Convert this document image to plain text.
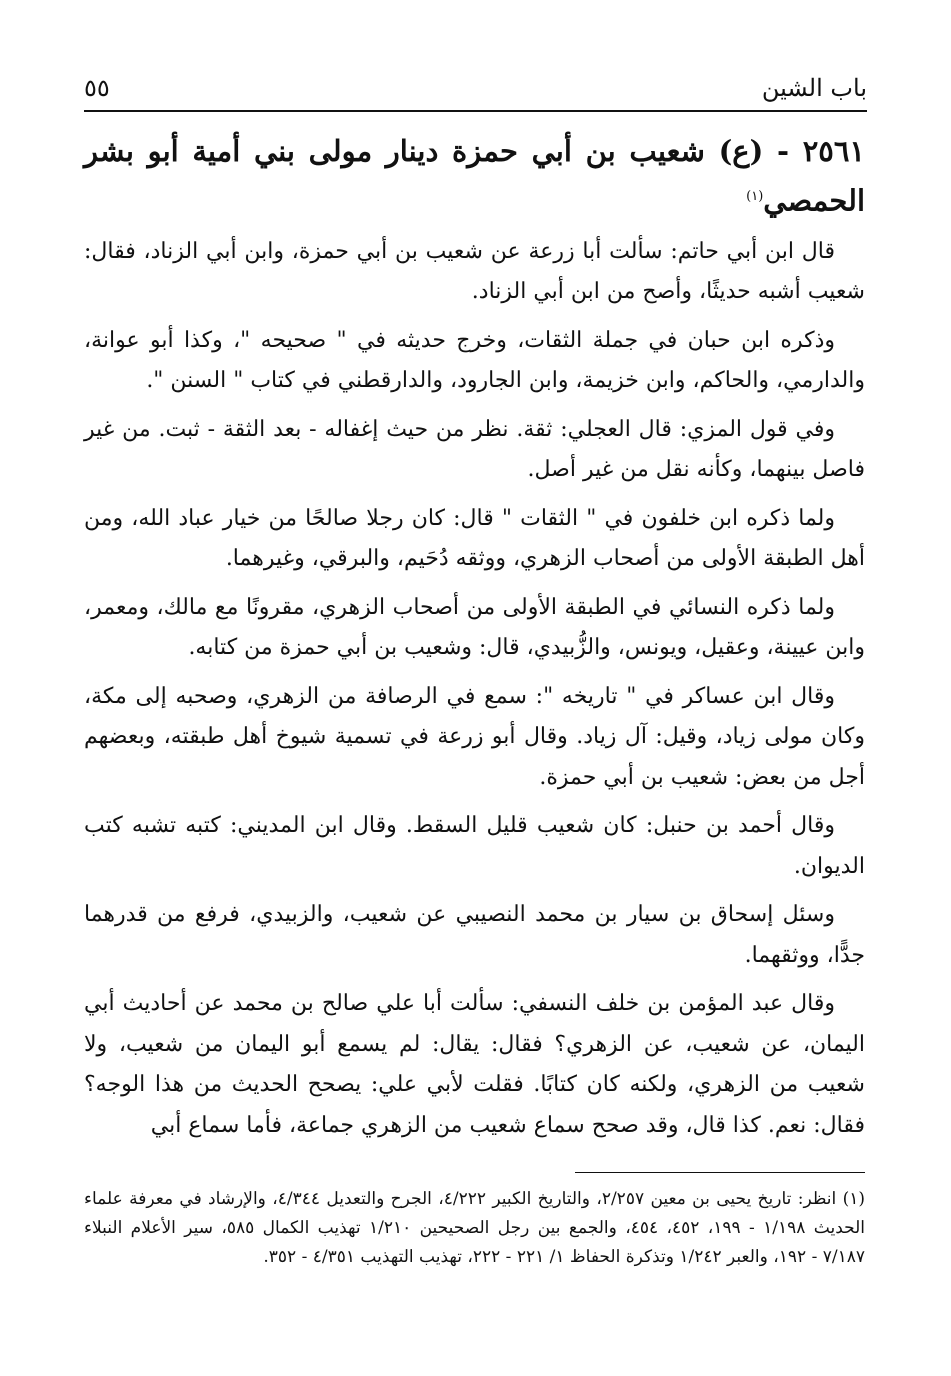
باب الشين
٥٥
٢٥٦١ - (ع) شعيب بن أبي حمزة دينار مولى بني أمية أبو بشر الحمصي$^{(١)}$

قال ابن أبي حاتم: سألت أبا زرعة عن شعيب بن أبي حمزة، وابن أبي الزناد، فقال: شعيب أشبه حديثًا، وأصح من ابن أبي الزناد.

وذكره ابن حبان في جملة الثقات، وخرج حديثه في " صحيحه "، وكذا أبو عوانة، والدارمي، والحاكم، وابن خزيمة، وابن الجارود، والدارقطني في كتاب " السنن ".

وفي قول المزي: قال العجلي: ثقة. نظر من حيث إغفاله - بعد الثقة - ثبت. من غير فاصل بينهما، وكأنه نقل من غير أصل.

ولما ذكره ابن خلفون في " الثقات " قال: كان رجلا صالحًا من خيار عباد الله، ومن أهل الطبقة الأولى من أصحاب الزهري، ووثقه دُحَيم، والبرقي، وغيرهما.

ولما ذكره النسائي في الطبقة الأولى من أصحاب الزهري، مقرونًا مع مالك، ومعمر، وابن عيينة، وعقيل، ويونس، والزُّبيدي، قال: وشعيب بن أبي حمزة من كتابه.

وقال ابن عساكر في " تاريخه ": سمع في الرصافة من الزهري، وصحبه إلى مكة، وكان مولى زياد، وقيل: آل زياد. وقال أبو زرعة في تسمية شيوخ أهل طبقته، وبعضهم أجل من بعض: شعيب بن أبي حمزة.

وقال أحمد بن حنبل: كان شعيب قليل السقط. وقال ابن المديني: كتبه تشبه كتب الديوان.

وسئل إسحاق بن سيار بن محمد النصيبي عن شعيب، والزبيدي، فرفع من قدرهما جدًّا، ووثقهما.

وقال عبد المؤمن بن خلف النسفي: سألت أبا علي صالح بن محمد عن أحاديث أبي اليمان، عن شعيب، عن الزهري؟ فقال: يقال: لم يسمع أبو اليمان من شعيب، ولا شعيب من الزهري، ولكنه كان كتابًا. فقلت لأبي علي: يصحح الحديث من هذا الوجه؟ فقال: نعم. كذا قال، وقد صحح سماع شعيب من الزهري جماعة، فأما سماع أبي

(١) انظر: تاريخ يحيى بن معين ٢/٢٥٧، والتاريخ الكبير ٤/٢٢٢، الجرح والتعديل ٤/٣٤٤، والإرشاد في معرفة علماء الحديث ١/١٩٨ - ١٩٩، ٤٥٢، ٤٥٤، والجمع بين رجل الصحيحين ١/٢١٠ تهذيب الكمال ٥٨٥، سير الأعلام النبلاء ٧/١٨٧ - ١٩٢، والعبر ١/٢٤٢ وتذكرة الحفاظ ١/ ٢٢١ - ٢٢٢، تهذيب التهذيب ٤/٣٥١ - ٣٥٢.
